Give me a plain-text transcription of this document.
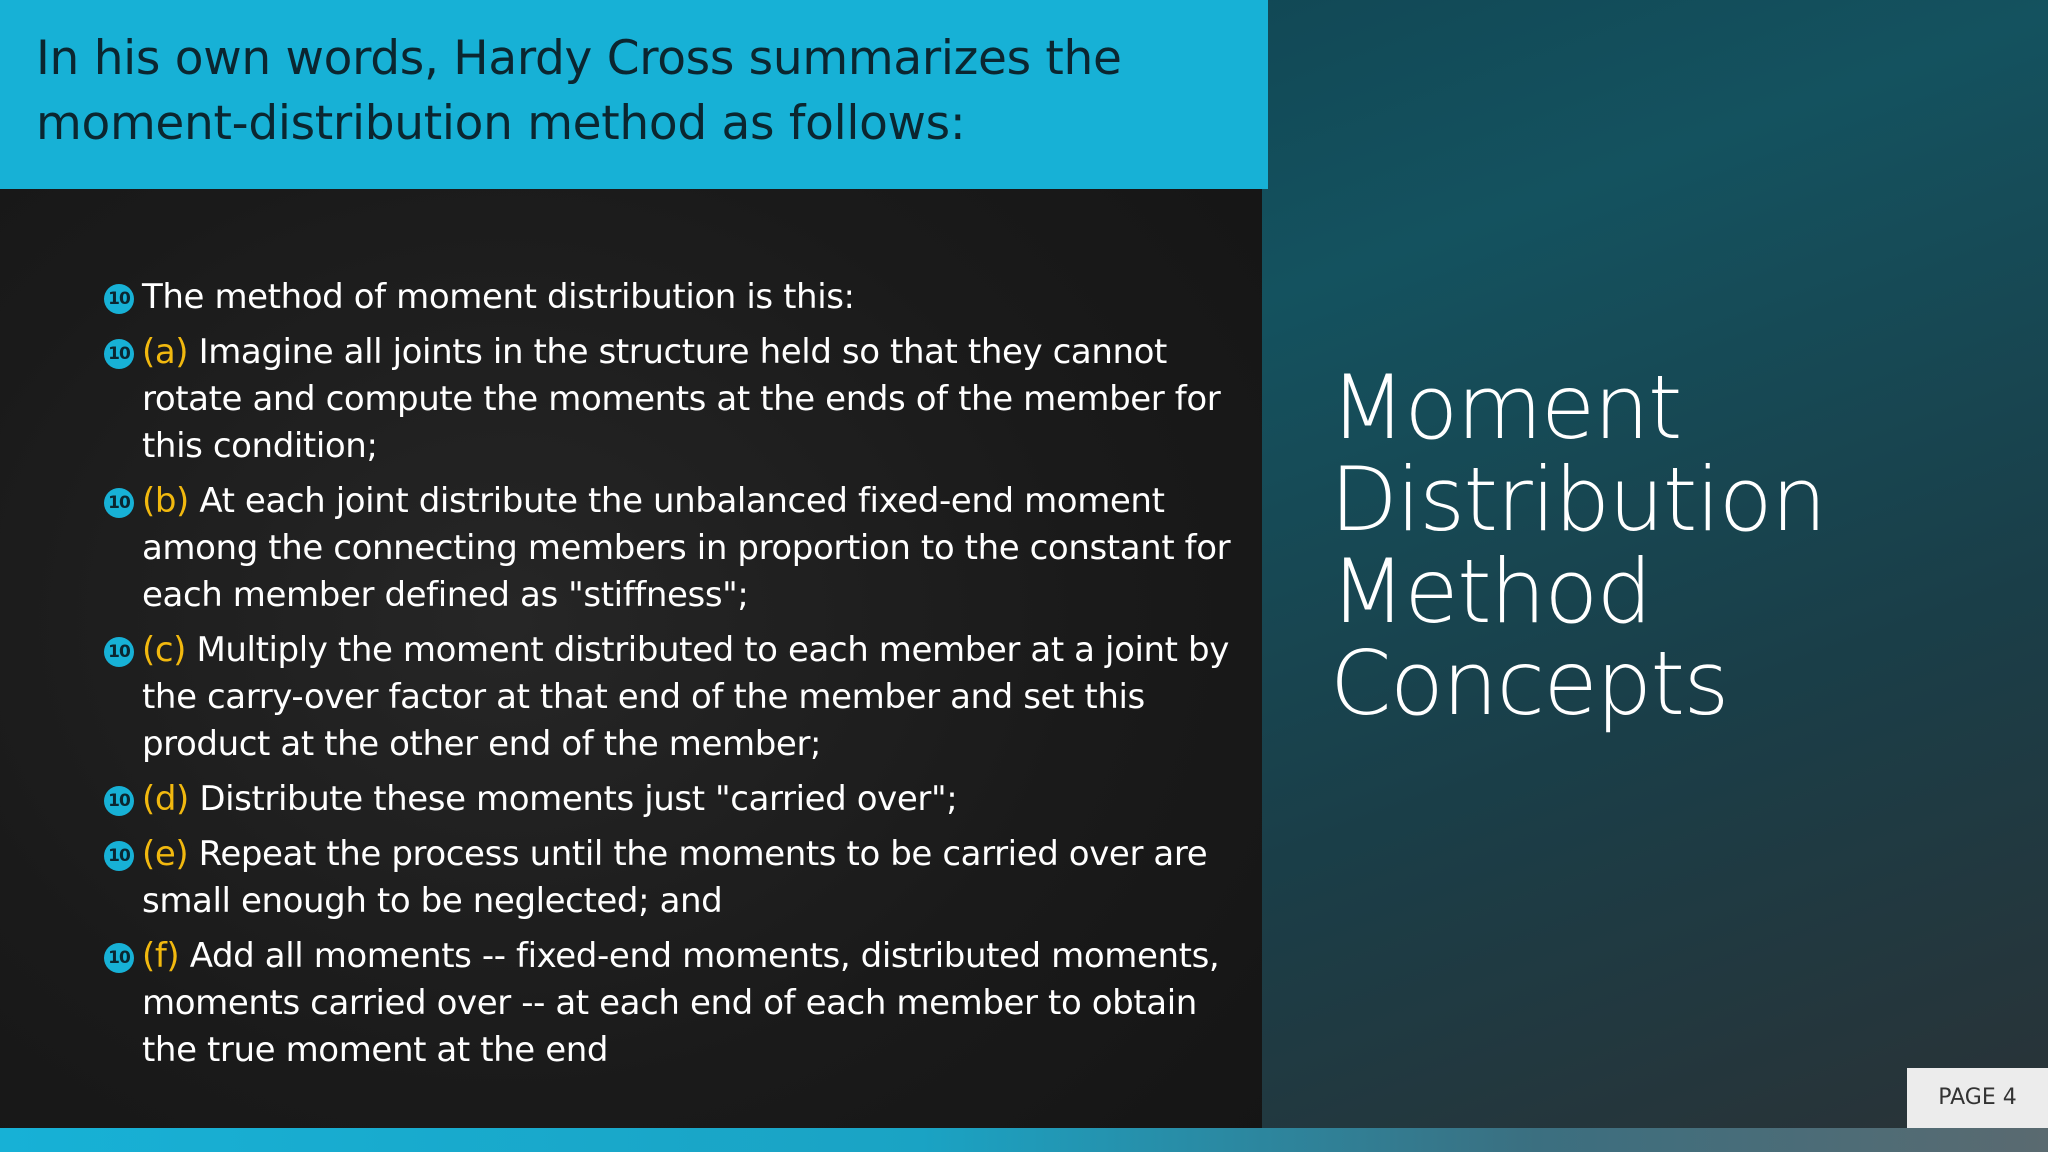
In his own words, Hardy Cross summarizes the moment-distribution method as follows:
10 The method of moment distribution is this:
10 (a) Imagine all joints in the structure held so that they cannot rotate and compute the moments at the ends of the member for this condition;
10 (b) At each joint distribute the unbalanced fixed-end moment among the connecting members in proportion to the constant for each member defined as "stiffness";
10 (c) Multiply the moment distributed to each member at a joint by the carry-over factor at that end of the member and set this product at the other end of the member;
10 (d) Distribute these moments just "carried over";
10 (e) Repeat the process until the moments to be carried over are small enough to be neglected; and
10 (f) Add all moments -- fixed-end moments, distributed moments, moments carried over -- at each end of each member to obtain the true moment at the end
Moment
Distribution
Method
Concepts
PAGE 4
